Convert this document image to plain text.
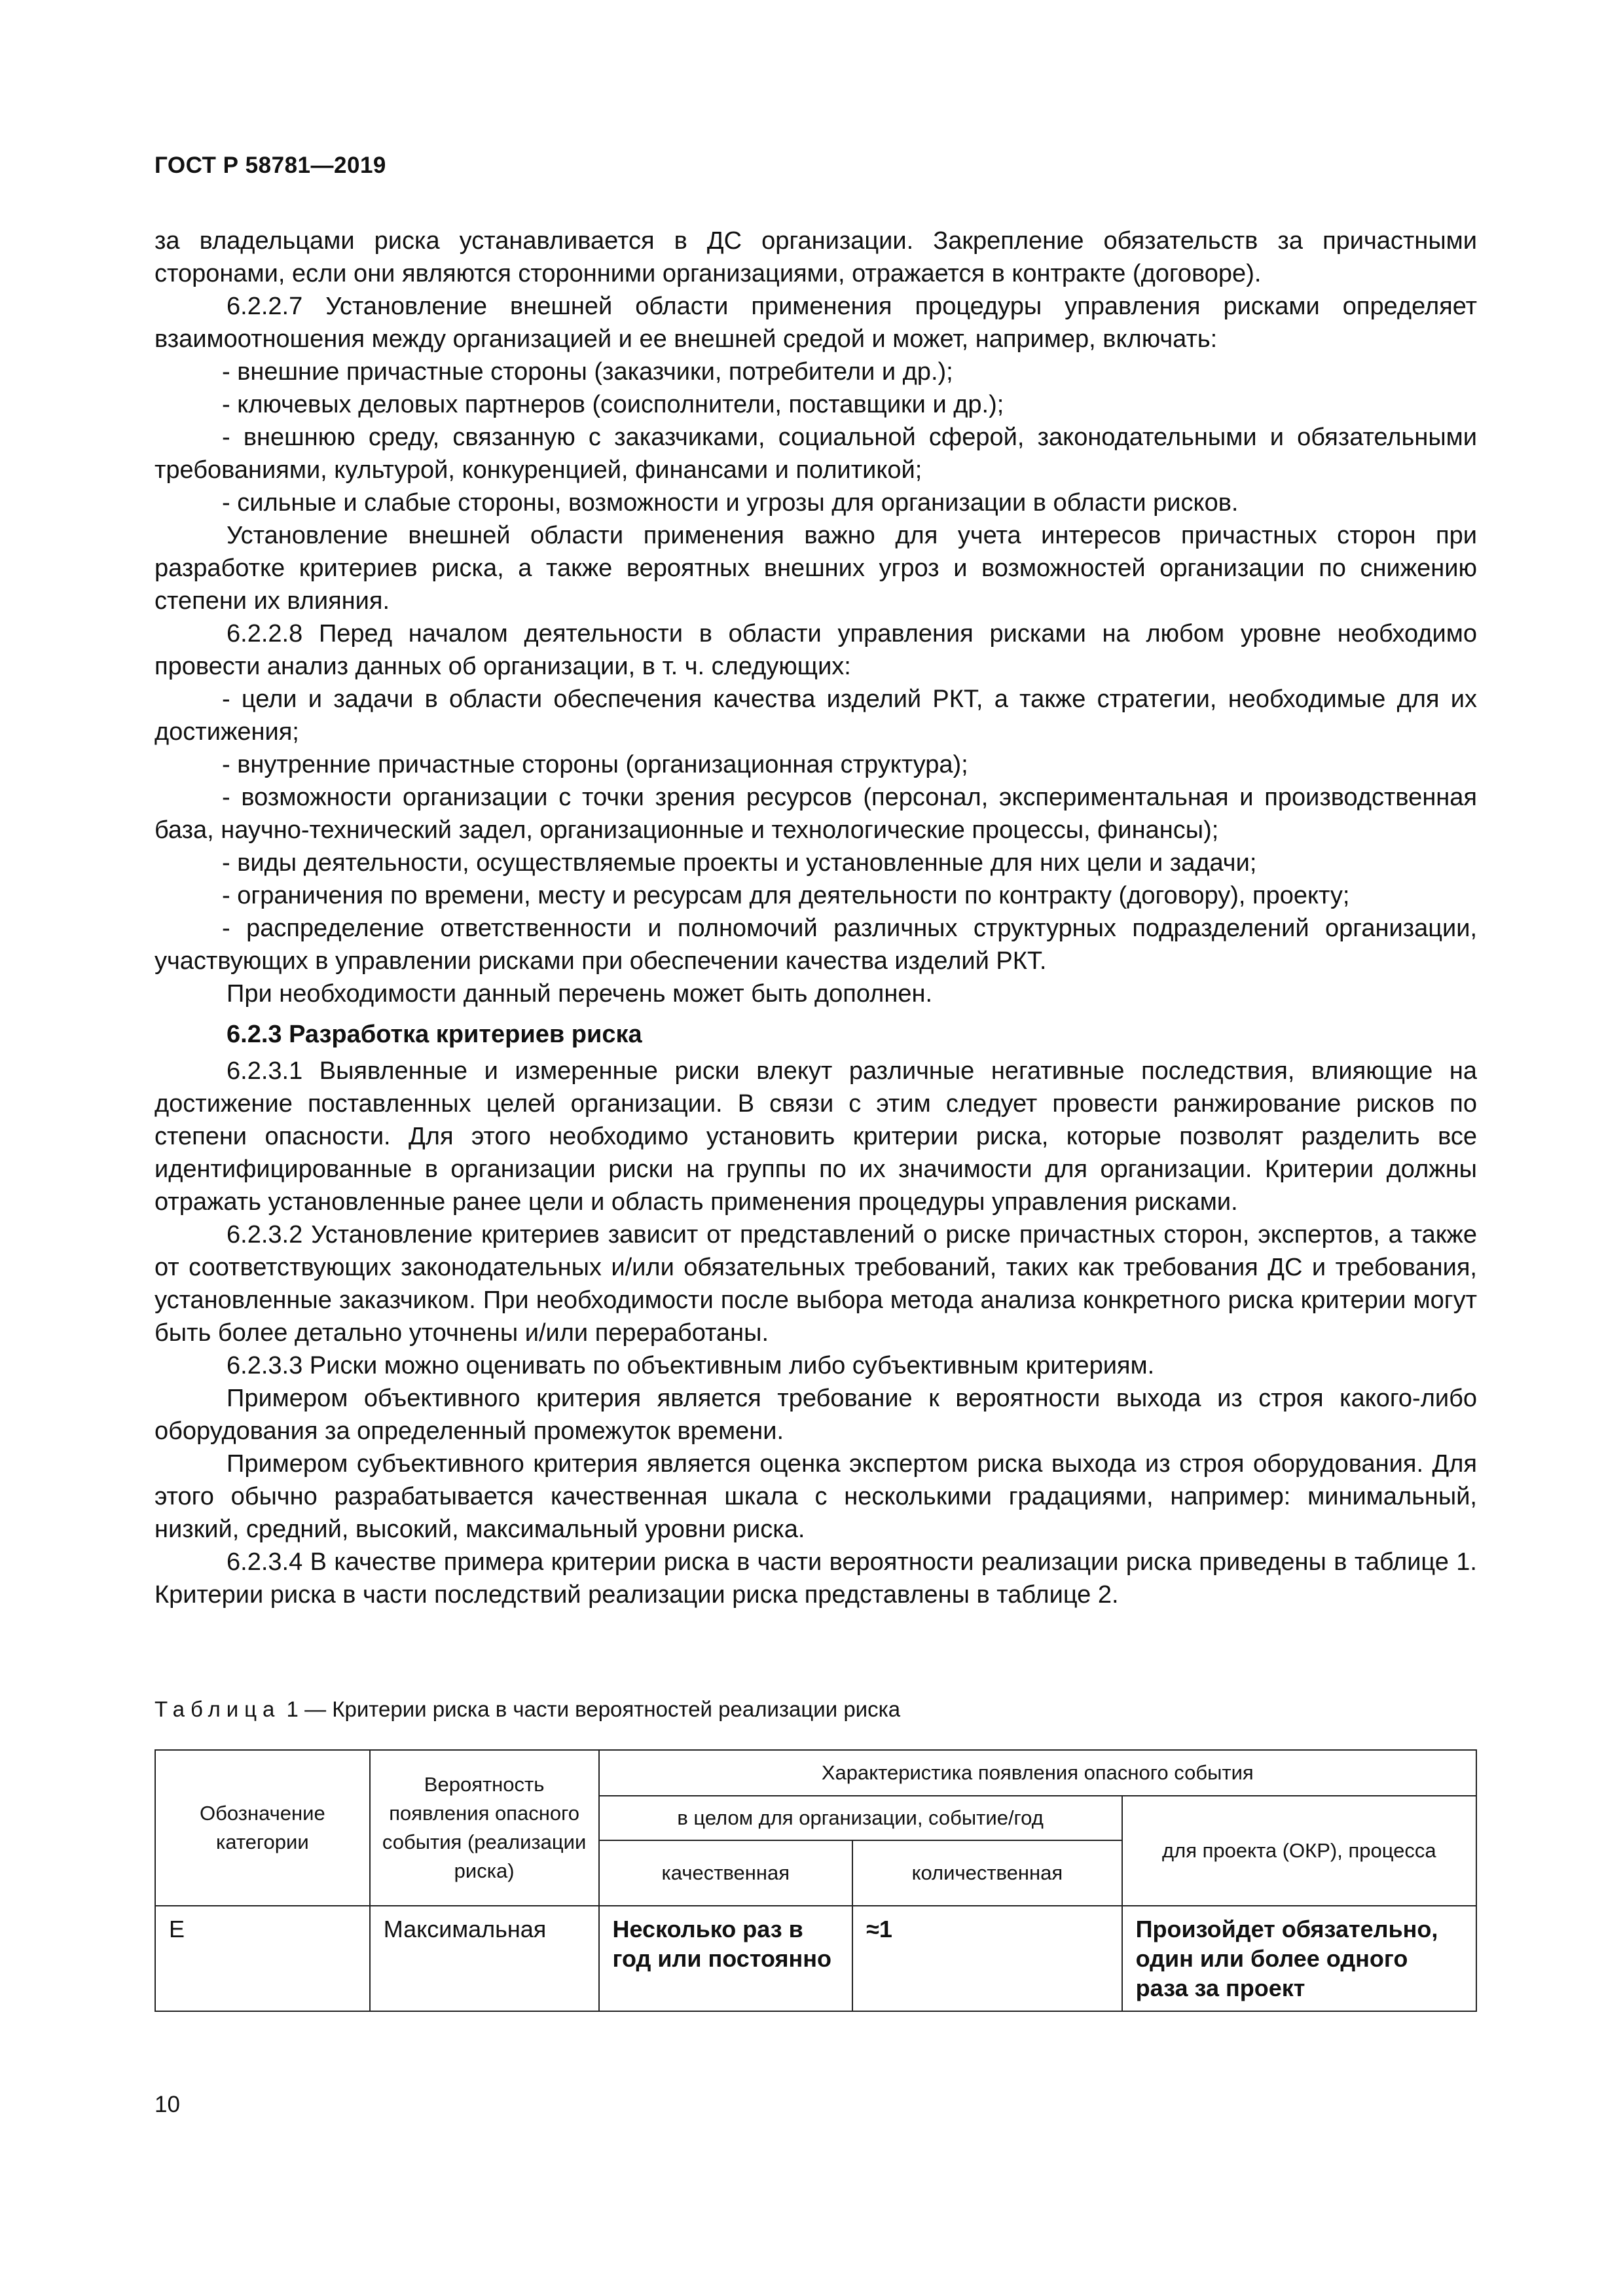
ГОСТ Р 58781—2019

за владельцами риска устанавливается в ДС организации. Закрепление обязательств за причастными сторонами, если они являются сторонними организациями, отражается в контракте (договоре).

6.2.2.7 Установление внешней области применения процедуры управления рисками определяет взаимоотношения между организацией и ее внешней средой и может, например, включать:

- внешние причастные стороны (заказчики, потребители и др.);

- ключевых деловых партнеров (соисполнители, поставщики и др.);

- внешнюю среду, связанную с заказчиками, социальной сферой, законодательными и обязательными требованиями, культурой, конкуренцией, финансами и политикой;

- сильные и слабые стороны, возможности и угрозы для организации в области рисков.

Установление внешней области применения важно для учета интересов причастных сторон при разработке критериев риска, а также вероятных внешних угроз и возможностей организации по снижению степени их влияния.

6.2.2.8 Перед началом деятельности в области управления рисками на любом уровне необходимо провести анализ данных об организации, в т. ч. следующих:

- цели и задачи в области обеспечения качества изделий РКТ, а также стратегии, необходимые для их достижения;

- внутренние причастные стороны (организационная структура);

- возможности организации с точки зрения ресурсов (персонал, экспериментальная и производственная база, научно-технический задел, организационные и технологические процессы, финансы);

- виды деятельности, осуществляемые проекты и установленные для них цели и задачи;

- ограничения по времени, месту и ресурсам для деятельности по контракту (договору), проекту;

- распределение ответственности и полномочий различных структурных подразделений организации, участвующих в управлении рисками при обеспечении качества изделий РКТ.

При необходимости данный перечень может быть дополнен.

6.2.3 Разработка критериев риска

6.2.3.1 Выявленные и измеренные риски влекут различные негативные последствия, влияющие на достижение поставленных целей организации. В связи с этим следует провести ранжирование рисков по степени опасности. Для этого необходимо установить критерии риска, которые позволят разделить все идентифицированные в организации риски на группы по их значимости для организации. Критерии должны отражать установленные ранее цели и область применения процедуры управления рисками.

6.2.3.2 Установление критериев зависит от представлений о риске причастных сторон, экспертов, а также от соответствующих законодательных и/или обязательных требований, таких как требования ДС и требования, установленные заказчиком. При необходимости после выбора метода анализа конкретного риска критерии могут быть более детально уточнены и/или переработаны.

6.2.3.3 Риски можно оценивать по объективным либо субъективным критериям.

Примером объективного критерия является требование к вероятности выхода из строя какого-либо оборудования за определенный промежуток времени.

Примером субъективного критерия является оценка экспертом риска выхода из строя оборудования. Для этого обычно разрабатывается качественная шкала с несколькими градациями, например: минимальный, низкий, средний, высокий, максимальный уровни риска.

6.2.3.4 В качестве примера критерии риска в части вероятности реализации риска приведены в таблице 1. Критерии риска в части последствий реализации риска представлены в таблице 2.

Таблица 1 — Критерии риска в части вероятностей реализации риска
Обозначение категории	Вероятность появления опасного события (реализации риска)	Характеристика появления опасного события		
		в целом для организации, событие/год		для проекта (ОКР), процесса
		качественная	количественная	
E	Максимальная	Несколько раз в год или постоянно	≈1	Произойдет обязательно, один или более одного раза за проект
10
